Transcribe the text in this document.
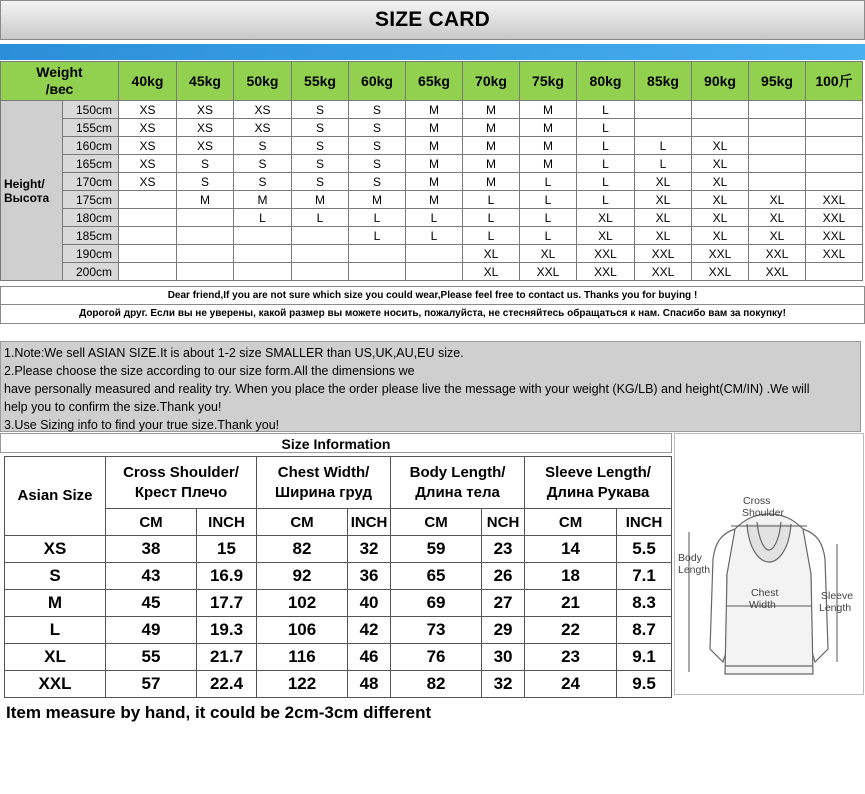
SIZE CARD
Weight
/вес		40kg	45kg	50kg	55kg	60kg	65kg	70kg	75kg	80kg	85kg	90kg	95kg	100斤
Height/
Высота	150cm	XS	XS	XS	S	S	M	M	M	L				
	155cm	XS	XS	XS	S	S	M	M	M	L				
	160cm	XS	XS	S	S	S	M	M	M	L	L	XL		
	165cm	XS	S	S	S	S	M	M	M	L	L	XL		
	170cm	XS	S	S	S	S	M	M	L	L	XL	XL		
	175cm		M	M	M	M	M	L	L	L	XL	XL	XL	XXL
	180cm			L	L	L	L	L	L	XL	XL	XL	XL	XXL
	185cm					L	L	L	L	XL	XL	XL	XL	XXL
	190cm							XL	XL	XXL	XXL	XXL	XXL	XXL
	200cm							XL	XXL	XXL	XXL	XXL	XXL	
Dear friend,If you are not sure which size you could wear,Please feel free to contact us. Thanks you for buying !
Дорогой друг. Если вы не уверены, какой размер вы можете носить, пожалуйста, не стесняйтесь обращаться к нам. Спасибо вам за покупку!
1.Note:We sell ASIAN SIZE.It is about 1-2 size SMALLER than US,UK,AU,EU size.
2.Please choose the size according to our size form.All the dimensions we
have personally measured and reality try. When you place the order please live the message with your weight (KG/LB) and height(CM/IN) .We will
help you to confirm the size.Thank you!
3.Use Sizing info to find your true size.Thank you!
Size Information
Asian Size	Cross Shoulder/
Крест Плечо		Chest Width/
Ширина груд		Body Length/
Длина тела		Sleeve Length/
Длина Рукава	
	CM	INCH	CM	INCH	CM	NCH	CM	INCH
XS	38	15	82	32	59	23	14	5.5
S	43	16.9	92	36	65	26	18	7.1
M	45	17.7	102	40	69	27	21	8.3
L	49	19.3	106	42	73	29	22	8.7
XL	55	21.7	116	46	76	30	23	9.1
XXL	57	22.4	122	48	82	32	24	9.5
Item measure by hand, it could be 2cm-3cm different
Cross
Shoulder
Body
Length
Chest
Width
Sleeve
Length
